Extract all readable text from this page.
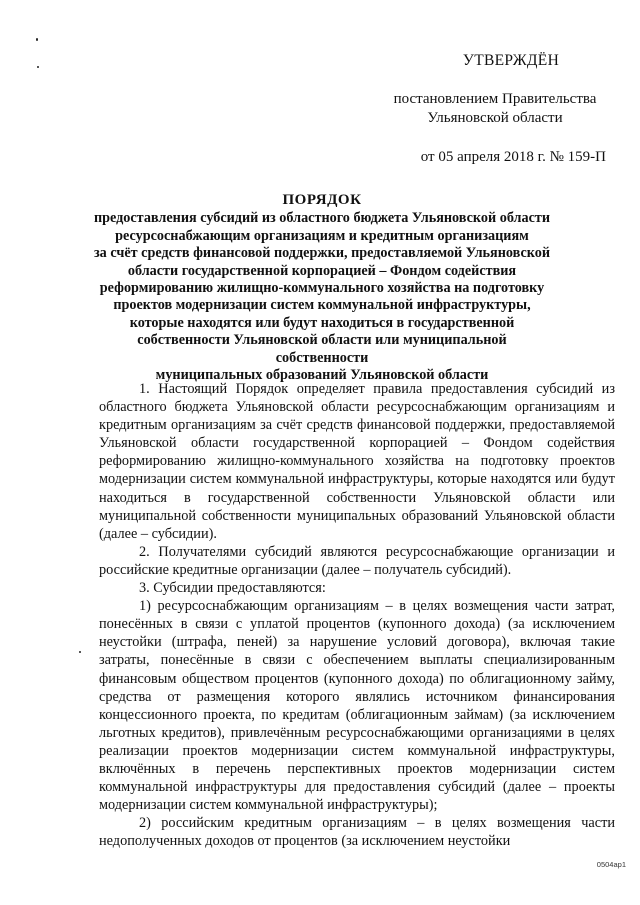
УТВЕРЖДЁН
постановлением Правительства
Ульяновской области
от 05 апреля 2018 г. № 159-П
ПОРЯДОК
предоставления субсидий из областного бюджета Ульяновской области
ресурсоснабжающим организациям и кредитным организациям
за счёт средств финансовой поддержки, предоставляемой Ульяновской
области государственной корпорацией – Фондом содействия
реформированию жилищно-коммунального хозяйства на подготовку
проектов модернизации систем коммунальной инфраструктуры,
которые находятся или будут находиться в государственной
собственности Ульяновской области или муниципальной собственности
муниципальных образований Ульяновской области

1. Настоящий Порядок определяет правила предоставления субсидий из областного бюджета Ульяновской области ресурсоснабжающим организациям и кредитным организациям за счёт средств финансовой поддержки, предоставляемой Ульяновской области государственной корпорацией – Фондом содействия реформированию жилищно-коммунального хозяйства на подготовку проектов модернизации систем коммунальной инфраструктуры, которые находятся или будут находиться в государственной собственности Ульяновской области или муниципальной собственности муниципальных образований Ульяновской области (далее – субсидии).

2. Получателями субсидий являются ресурсоснабжающие организации и российские кредитные организации (далее – получатель субсидий).

3. Субсидии предоставляются:

1) ресурсоснабжающим организациям – в целях возмещения части затрат, понесённых в связи с уплатой процентов (купонного дохода) (за исключением неустойки (штрафа, пеней) за нарушение условий договора), включая такие затраты, понесённые в связи с обеспечением выплаты специализированным финансовым обществом процентов (купонного дохода) по облигационному займу, средства от размещения которого являлись источником финансирования концессионного проекта, по кредитам (облигационным займам) (за исключением льготных кредитов), привлечённым ресурсоснабжающими организациями в целях реализации проектов модернизации систем коммунальной инфраструктуры, включённых в перечень перспективных проектов модернизации систем коммунальной инфраструктуры для предоставления субсидий (далее – проекты модернизации систем коммунальной инфраструктуры);

2) российским кредитным организациям – в целях возмещения части недополученных доходов от процентов (за исключением неустойки

0504ap1
